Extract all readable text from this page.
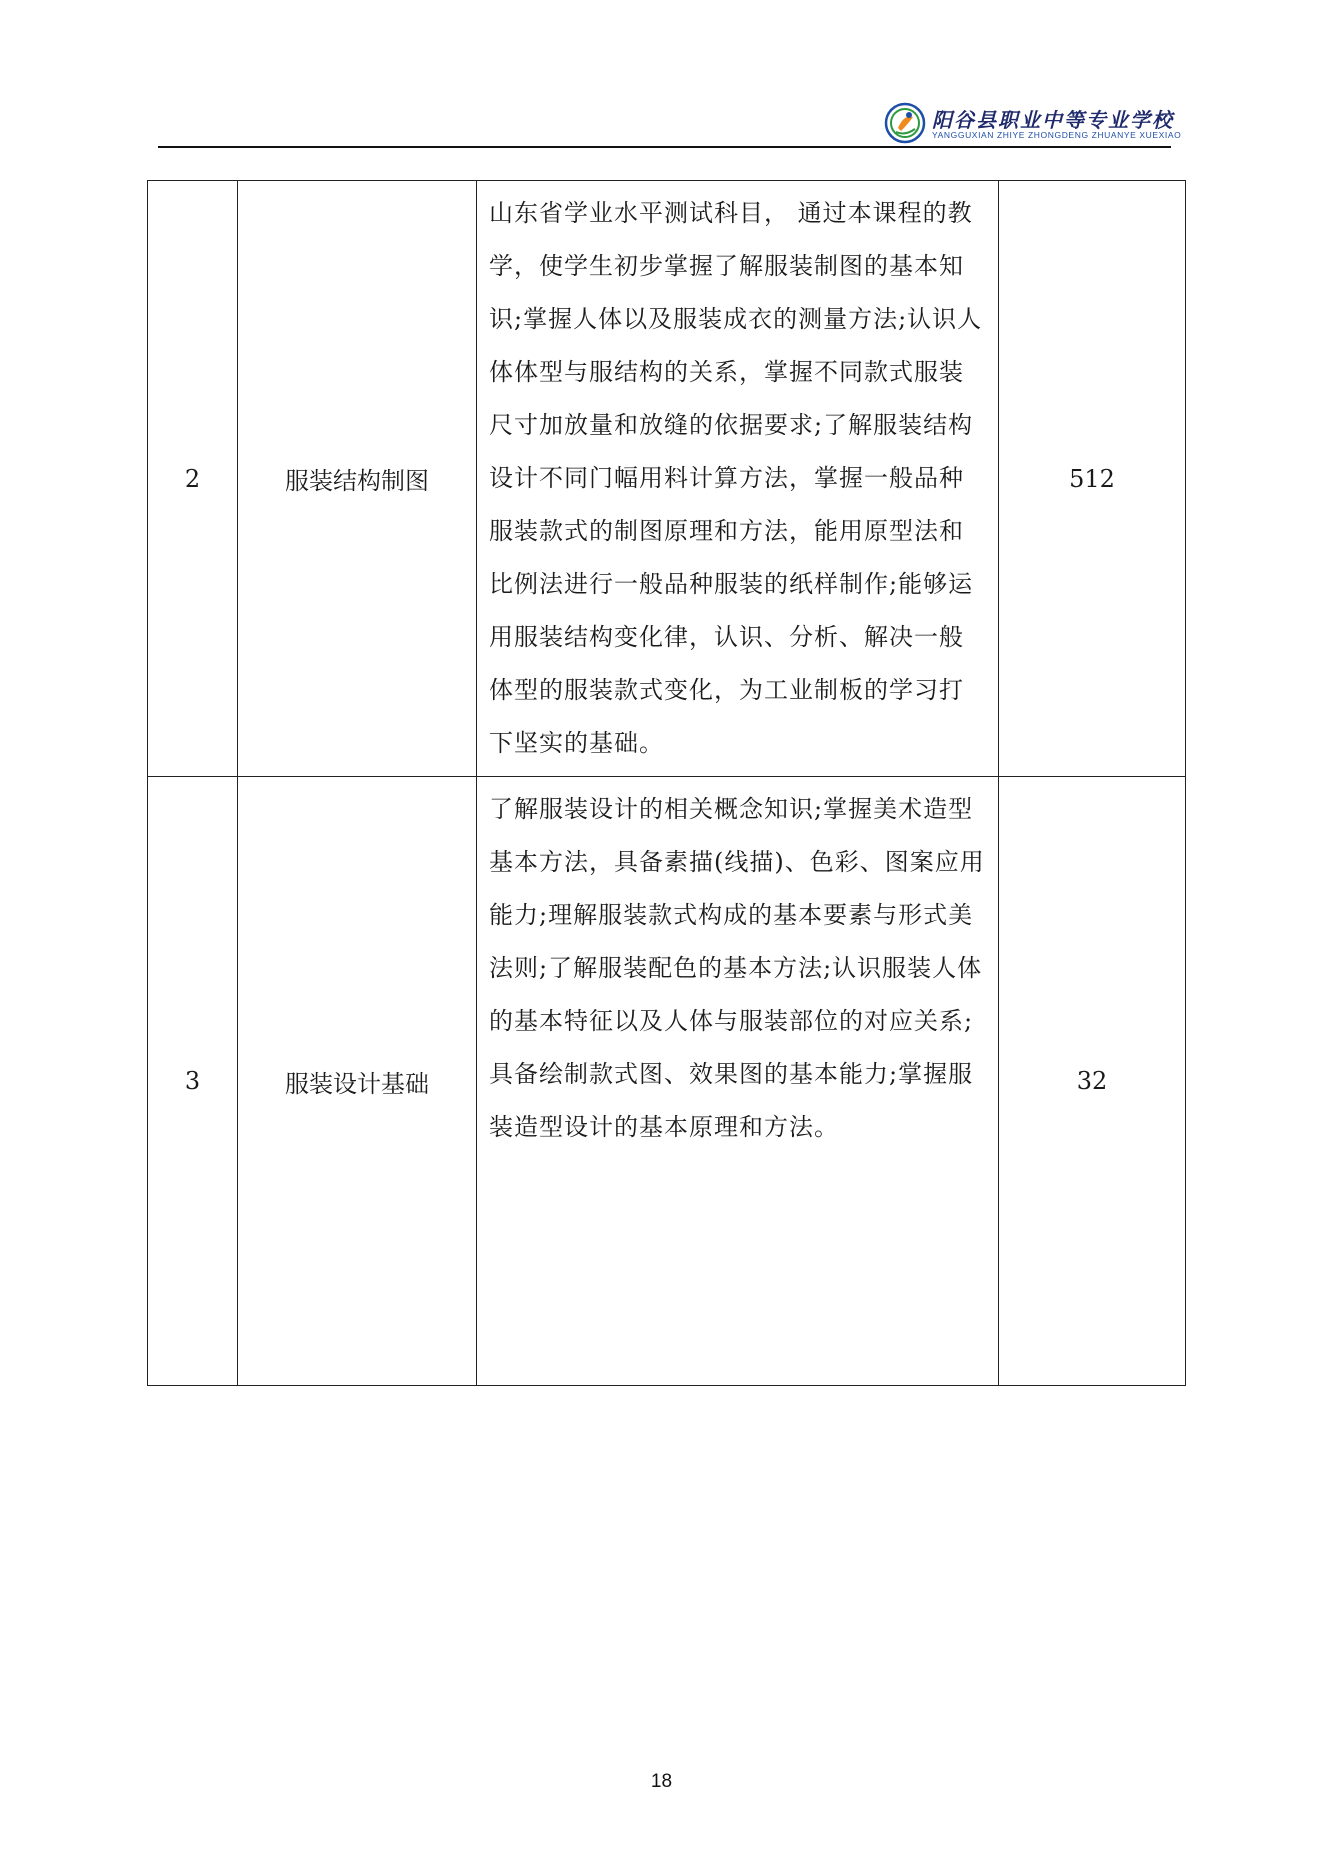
阳谷县职业中等专业学校
YANGGUXIAN ZHIYE ZHONGDENG ZHUANYE XUEXIAO
2	服装结构制图	山东省学业水平测试科目， 通过本课程的教学，使学生初步掌握了解服装制图的基本知识;掌握人体以及服装成衣的测量方法;认识人体体型与服结构的关系，掌握不同款式服装尺寸加放量和放缝的依据要求;了解服装结构设计不同门幅用料计算方法，掌握一般品种服装款式的制图原理和方法，能用原型法和比例法进行一般品种服装的纸样制作;能够运用服装结构变化律，认识、分析、解决一般体型的服装款式变化，为工业制板的学习打下坚实的基础。	512
3	服装设计基础	了解服装设计的相关概念知识;掌握美术造型基本方法，具备素描(线描)、色彩、图案应用能力;理解服装款式构成的基本要素与形式美法则;了解服装配色的基本方法;认识服装人体的基本特征以及人体与服装部位的对应关系;具备绘制款式图、效果图的基本能力;掌握服装造型设计的基本原理和方法。	32
18
